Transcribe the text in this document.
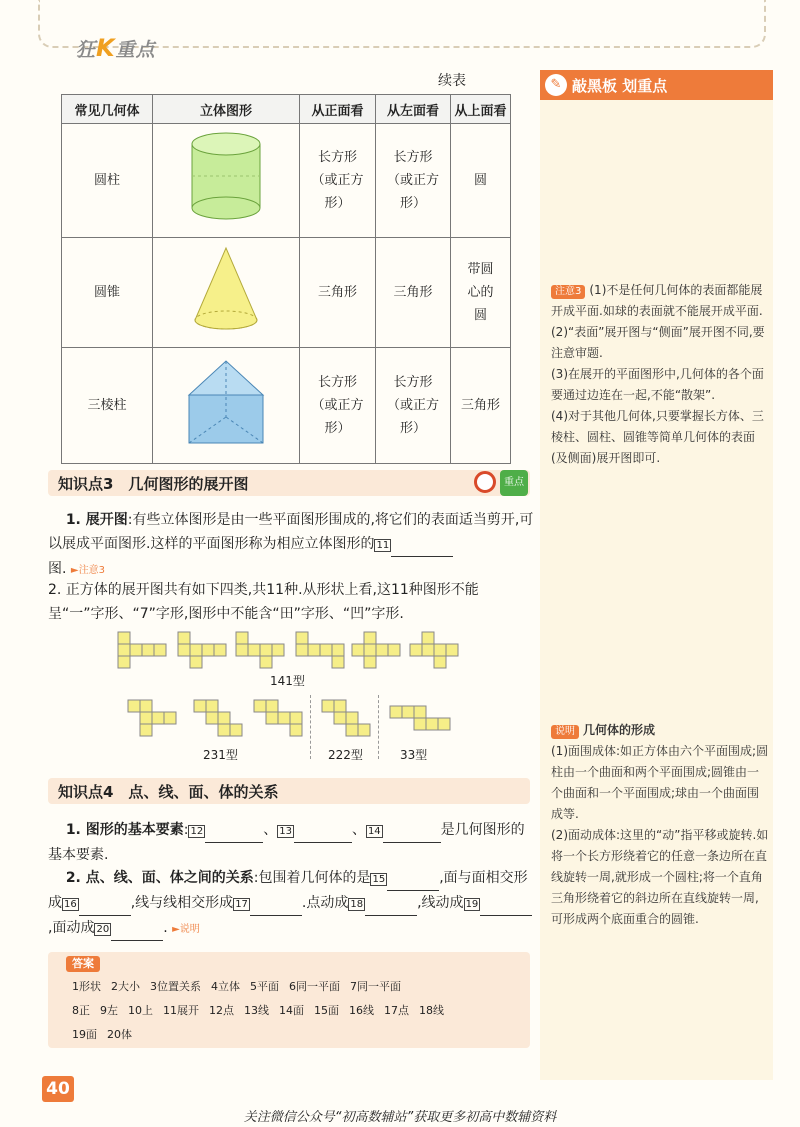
狂K重点
续表
常见几何体	立体图形	从正面看	从左面看	从上面看
圆柱		长方形（或正方形）	长方形（或正方形）	圆
圆锥		三角形	三角形	带圆心的圆
三棱柱		长方形（或正方形）	长方形（或正方形）	三角形
✎ 敲黑板 划重点
注意3 (1)不是任何几何体的表面都能展开成平面.如球的表面就不能展开成平面.
(2)“表面”展开图与“侧面”展开图不同,要注意审题.
(3)在展开的平面图形中,几何体的各个面要通过边连在一起,不能“散架”.
(4)对于其他几何体,只要掌握长方体、三棱柱、圆柱、圆锥等简单几何体的表面(及侧面)展开图即可.
说明 几何体的形成
(1)面围成体:如正方体由六个平面围成;圆柱由一个曲面和两个平面围成;圆锥由一个曲面和一个平面围成;球由一个曲面围成等.
(2)面动成体:这里的“动”指平移或旋转.如将一个长方形绕着它的任意一条边所在直线旋转一周,就形成一个圆柱;将一个直角三角形绕着它的斜边所在直线旋转一周,可形成两个底面重合的圆锥.
知识点3　几何图形的展开图	重点
1. 展开图:有些立体图形是由一些平面图形围成的,将它们的表面适当剪开,可以展成平面图形.这样的平面图形称为相应立体图形的 11
图. ►注意3
2. 正方体的展开图共有如下四类,共11种.从形状上看,这11种图形不能呈“一”字形、“7”字形,图形中不能含“田”字形、“凹”字形.
141型
231型	222型	33型
知识点4　点、线、面、体的关系
1. 图形的基本要素: 12	、 13	、 14	是几何图形的基本要素.
2. 点、线、面、体之间的关系:包围着几何体的是 15	,面与面相交形成 16	,线与线相交形成 17	.点动成 18	,线动成 19 ,面动成 20	. ►说明
答案
1形状 2大小 3位置关系 4立体 5平面 6同一平面 7同一平面
8正 9左 10上 11展开 12点 13线 14面 15面 16线 17点 18线
19面 20体
40
关注微信公众号“初高数辅站”获取更多初高中数辅资料
